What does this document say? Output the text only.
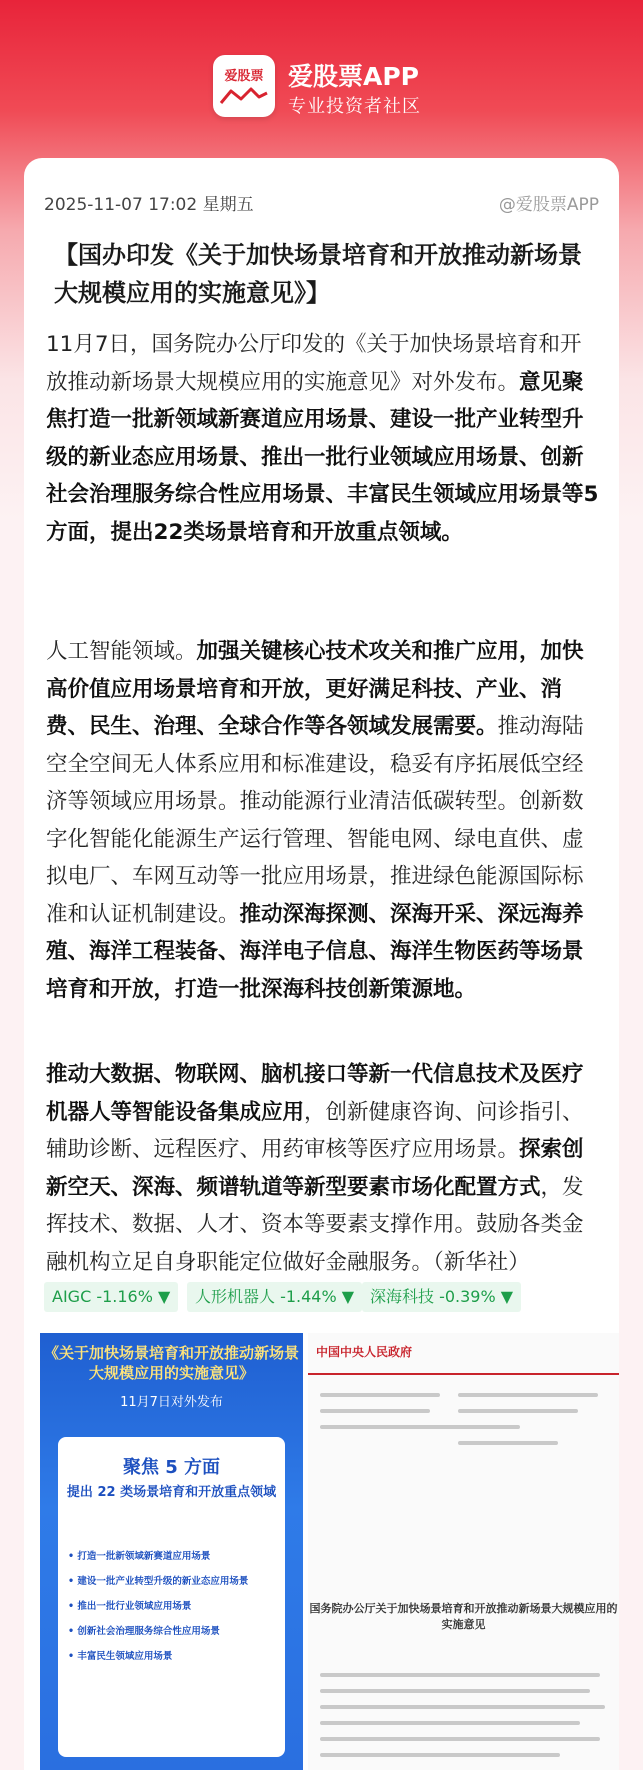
爱股票 爱股票APP
专业投资者社区
2025-11-07 17:02 星期五	@爱股票APP
【国办印发《关于加快场景培育和开放推动新场景大规模应用的实施意见》】
11月7日，国务院办公厅印发的《关于加快场景培育和开放推动新场景大规模应用的实施意见》对外发布。意见聚焦打造一批新领域新赛道应用场景、建设一批产业转型升级的新业态应用场景、推出一批行业领域应用场景、创新社会治理服务综合性应用场景、丰富民生领域应用场景等5方面，提出22类场景培育和开放重点领域。
人工智能领域。加强关键核心技术攻关和推广应用，加快高价值应用场景培育和开放，更好满足科技、产业、消费、民生、治理、全球合作等各领域发展需要。推动海陆空全空间无人体系应用和标准建设，稳妥有序拓展低空经济等领域应用场景。推动能源行业清洁低碳转型。创新数字化智能化能源生产运行管理、智能电网、绿电直供、虚拟电厂、车网互动等一批应用场景，推进绿色能源国际标准和认证机制建设。推动深海探测、深海开采、深远海养殖、海洋工程装备、海洋电子信息、海洋生物医药等场景培育和开放，打造一批深海科技创新策源地。
推动大数据、物联网、脑机接口等新一代信息技术及医疗机器人等智能设备集成应用，创新健康咨询、问诊指引、辅助诊断、远程医疗、用药审核等医疗应用场景。探索创新空天、深海、频谱轨道等新型要素市场化配置方式，发挥技术、数据、人才、资本等要素支撑作用。鼓励各类金融机构立足自身职能定位做好金融服务。（新华社）
AIGC -1.16% ▼	人形机器人 -1.44% ▼ 深海科技 -0.39% ▼
《关于加快场景培育和开放推动新场景大规模应用的实施意见》
11月7日对外发布
聚焦 5 方面
提出 22 类场景培育和开放重点领域
• 打造一批新领域新赛道应用场景
• 建设一批产业转型升级的新业态应用场景
• 推出一批行业领域应用场景
• 创新社会治理服务综合性应用场景
• 丰富民生领域应用场景
中国中央人民政府
国务院办公厅关于加快场景培育和开放推动新场景大规模应用的实施意见
